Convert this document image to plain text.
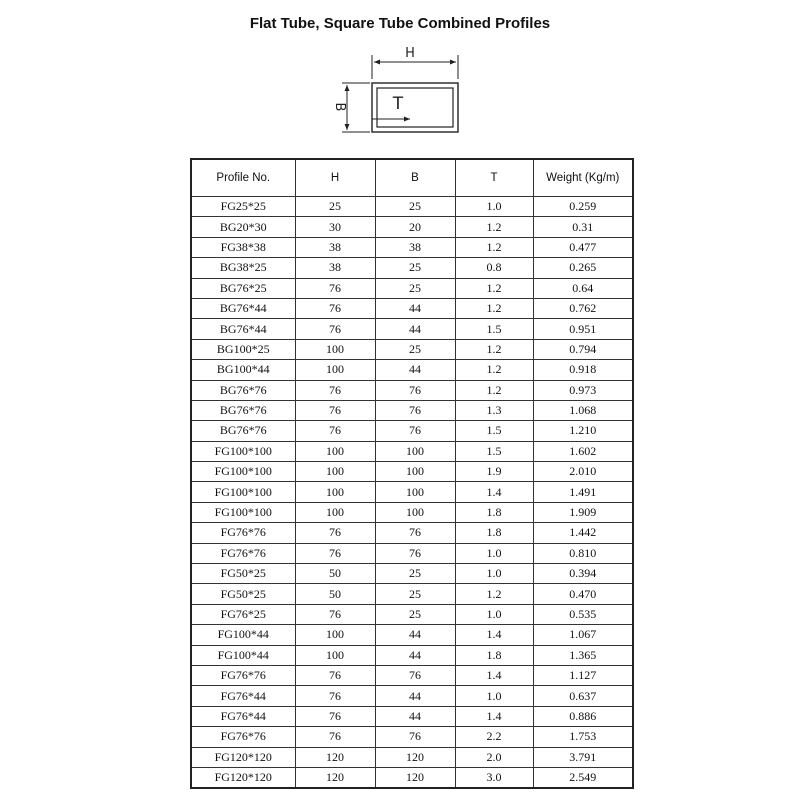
Flat Tube, Square Tube Combined Profiles
H
B	T
Profile No.	H	B	T	Weight (Kg/m)
FG25*25	25	25	1.0	0.259
BG20*30	30	20	1.2	0.31
FG38*38	38	38	1.2	0.477
BG38*25	38	25	0.8	0.265
BG76*25	76	25	1.2	0.64
BG76*44	76	44	1.2	0.762
BG76*44	76	44	1.5	0.951
BG100*25	100	25	1.2	0.794
BG100*44	100	44	1.2	0.918
BG76*76	76	76	1.2	0.973
BG76*76	76	76	1.3	1.068
BG76*76	76	76	1.5	1.210
FG100*100	100	100	1.5	1.602
FG100*100	100	100	1.9	2.010
FG100*100	100	100	1.4	1.491
FG100*100	100	100	1.8	1.909
FG76*76	76	76	1.8	1.442
FG76*76	76	76	1.0	0.810
FG50*25	50	25	1.0	0.394
FG50*25	50	25	1.2	0.470
FG76*25	76	25	1.0	0.535
FG100*44	100	44	1.4	1.067
FG100*44	100	44	1.8	1.365
FG76*76	76	76	1.4	1.127
FG76*44	76	44	1.0	0.637
FG76*44	76	44	1.4	0.886
FG76*76	76	76	2.2	1.753
FG120*120	120	120	2.0	3.791
FG120*120	120	120	3.0	2.549
